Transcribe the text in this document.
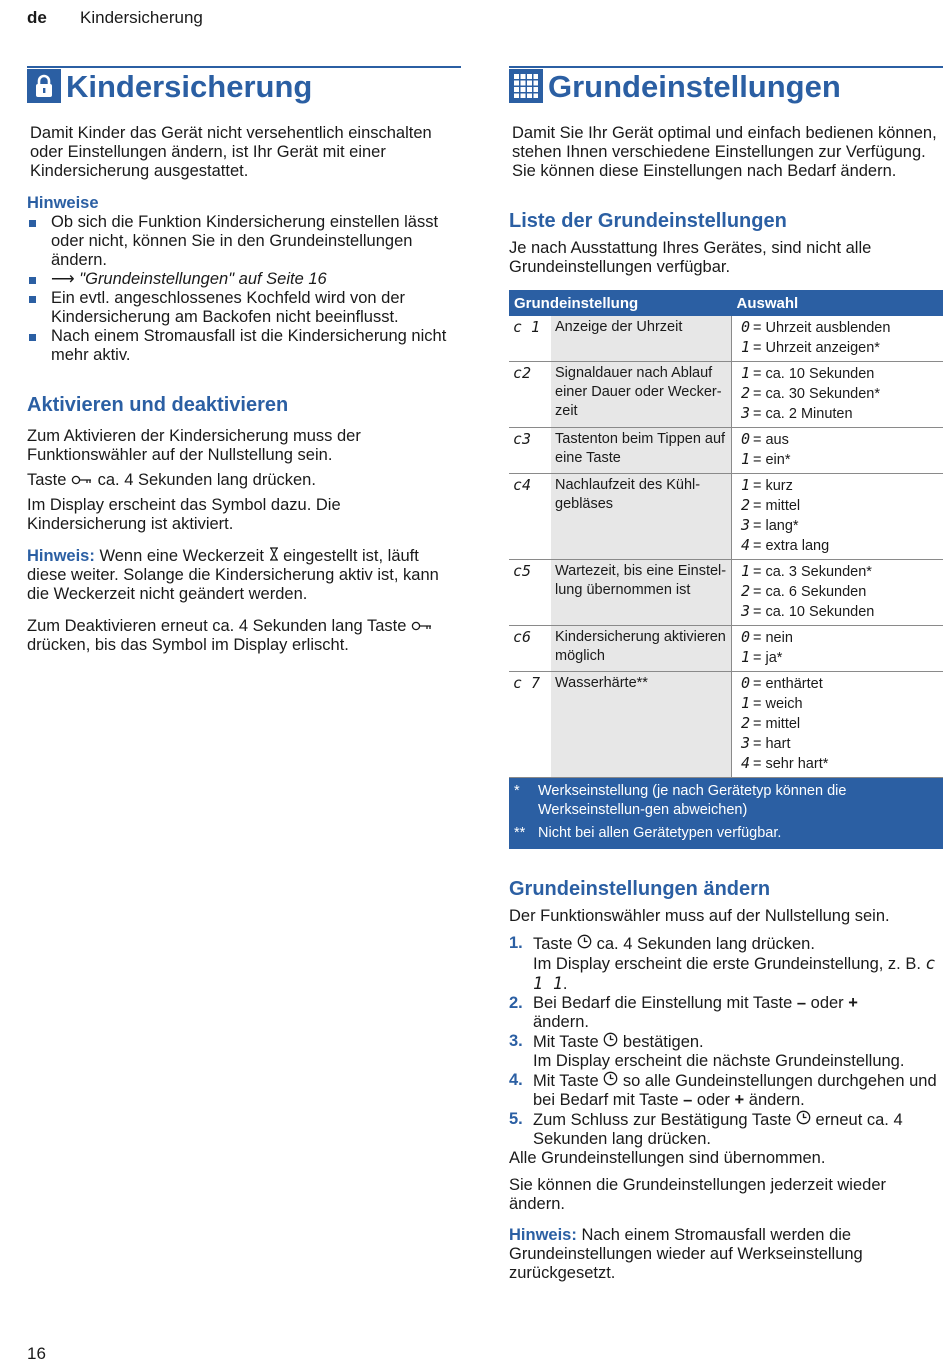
de Kindersicherung
Kindersicherung

Damit Kinder das Gerät nicht versehentlich einschalten oder Einstellungen ändern, ist Ihr Gerät mit einer Kindersicherung ausgestattet.

Hinweise

Ob sich die Funktion Kindersicherung einstellen lässt oder nicht, können Sie in den Grundeinstellungen ändern.
⟶ "Grundeinstellungen" auf Seite 16
Ein evtl. angeschlossenes Kochfeld wird von der Kindersicherung am Backofen nicht beeinflusst.
Nach einem Stromausfall ist die Kindersicherung nicht mehr aktiv.

Aktivieren und deaktivieren

Zum Aktivieren der Kindersicherung muss der Funktionswähler auf der Nullstellung sein.

Taste ca. 4 Sekunden lang drücken.

Im Display erscheint das Symbol dazu. Die Kindersicherung ist aktiviert.

Hinweis: Wenn eine Weckerzeit eingestellt ist, läuft diese weiter. Solange die Kindersicherung aktiv ist, kann die Weckerzeit nicht geändert werden.

Zum Deaktivieren erneut ca. 4 Sekunden lang Taste  drücken, bis das Symbol im Display erlischt.

Grundeinstellungen

Damit Sie Ihr Gerät optimal und einfach bedienen können, stehen Ihnen verschiedene Einstellungen zur Verfügung. Sie können diese Einstellungen nach Bedarf ändern.

Liste der Grundeinstellungen

Je nach Ausstattung Ihres Gerätes, sind nicht alle Grundeinstellungen verfügbar.

Grundeinstellung		Auswahl
c 1	Anzeige der Uhrzeit	0 = Uhrzeit ausblenden
1 = Uhrzeit anzeigen*

c2	Signaldauer nach Ablauf einer Dauer oder Wecker-zeit	1 = ca. 10 Sekunden
2 = ca. 30 Sekunden*
3 = ca. 2 Minuten

c3	Tastenton beim Tippen auf eine Taste	0 = aus
1 = ein*

c4	Nachlaufzeit des Kühl-gebläses	1 = kurz
2 = mittel
3 = lang*
4 = extra lang

c5	Wartezeit, bis eine Einstel-lung übernommen ist	1 = ca. 3 Sekunden*
2 = ca. 6 Sekunden
3 = ca. 10 Sekunden

c6	Kindersicherung aktivieren möglich	0 = nein
1 = ja*

c 7	Wasserhärte**	0 = enthärtet
1 = weich
2 = mittel
3 = hart
4 = sehr hart*
* Werkseinstellung (je nach Gerätetyp können die Werkseinstellun-gen abweichen)
** Nicht bei allen Gerätetypen verfügbar.

Grundeinstellungen ändern

Der Funktionswähler muss auf der Nullstellung sein.

1. Taste ca. 4 Sekunden lang drücken.
Im Display erscheint die erste Grundeinstellung, z. B. c 1 1.
2. Bei Bedarf die Einstellung mit Taste – oder +
ändern.
3. Mit Taste bestätigen.
Im Display erscheint die nächste Grundeinstellung.
4. Mit Taste so alle Gundeinstellungen durchgehen und bei Bedarf mit Taste – oder + ändern.
5. Zum Schluss zur Bestätigung Taste erneut ca. 4 Sekunden lang drücken.

Alle Grundeinstellungen sind übernommen.

Sie können die Grundeinstellungen jederzeit wieder ändern.

Hinweis: Nach einem Stromausfall werden die Grundeinstellungen wieder auf Werkseinstellung zurückgesetzt.

16
